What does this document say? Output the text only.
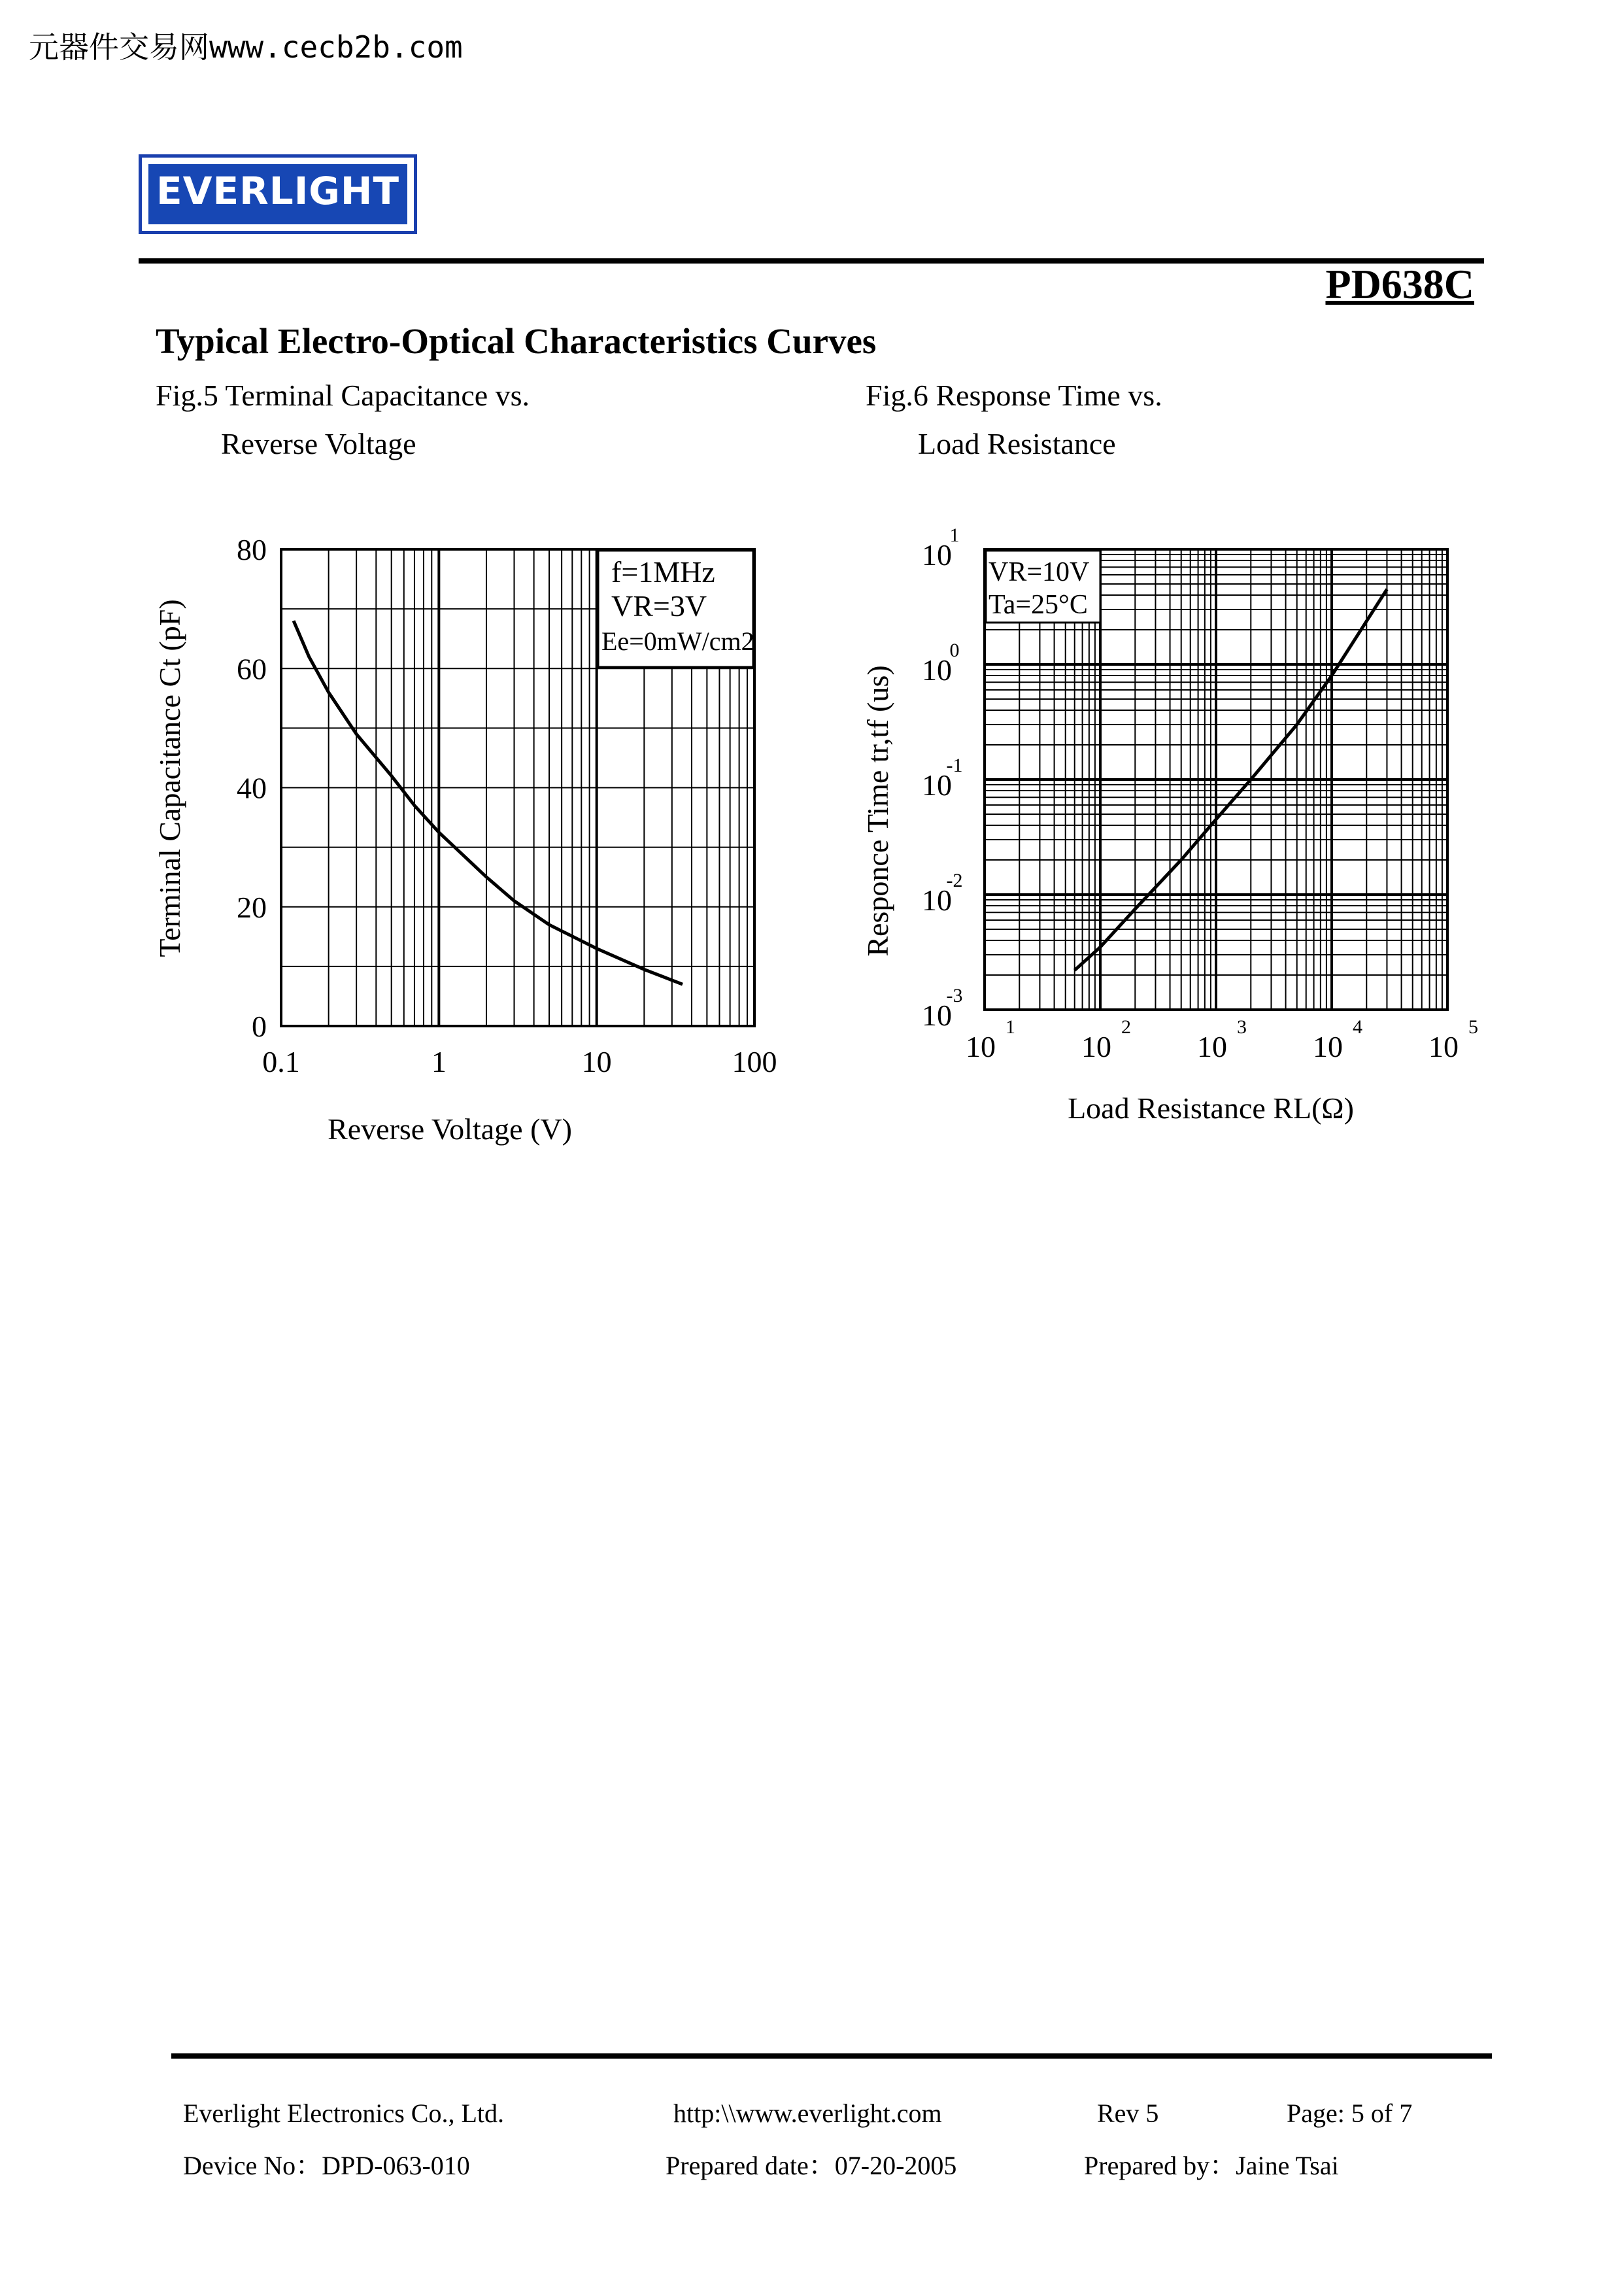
元器件交易网www.cecb2b.com
EVERLIGHT
PD638C
Typical Electro-Optical Characteristics Curves
Fig.5 Terminal Capacitance vs.
Reverse Voltage
Fig.6 Response Time vs.
Load Resistance
0.1	1	10	100
0
20
40
60
80
f=1MHz
VR=3V
Ee=0mW/cm2
Reverse Voltage (V)
Terminal Capacitance Ct (pF)
10
1
10
2
10
3
10
4
10
5
10
1
10
0
10
-1
10
-2
10
-3
VR=10V
Ta=25°C
Load Resistance RL(Ω)
Responce Time tr,tf (us)
Everlight Electronics Co., Ltd.	http:\\www.everlight.com	Rev 5	Page: 5 of 7
Device No：DPD-063-010	Prepared date：07-20-2005	Prepared by：Jaine Tsai
